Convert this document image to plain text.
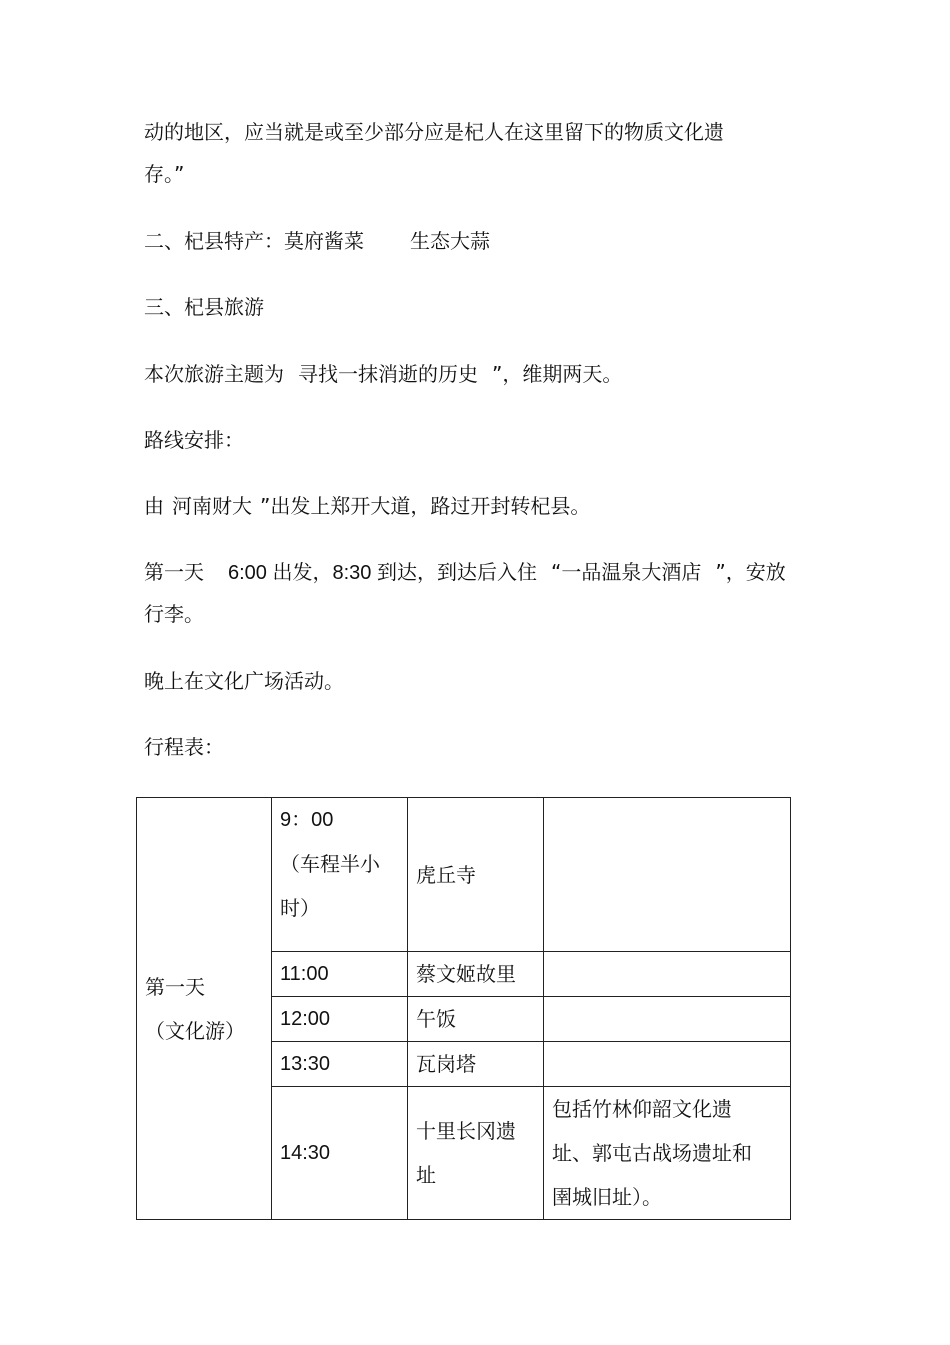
动的地区，应当就是或至少部分应是杞人在这里留下的物质文化遗
存。”
二、杞县特产：莫府酱菜 生态大蒜
三、杞县旅游
本次旅游主题为 寻找一抹消逝的历史 ”，维期两天。
路线安排：
由 河南财大 ”出发上郑开大道，路过开封转杞县。
第一天 6:00 出发，8:30 到达，到达后入住 “一品温泉大酒店 ”，安放
行李。
晚上在文化广场活动。
行程表：
第一天
（文化游）	9：00
（车程半小
时）	虎丘寺	
	11:00	蔡文姬故里	
	12:00	午饭	
	13:30	瓦岗塔	
	14:30	十里长冈遗
址	包括竹林仰韶文化遗
址、郭屯古战场遗址和
圉城旧址）。
